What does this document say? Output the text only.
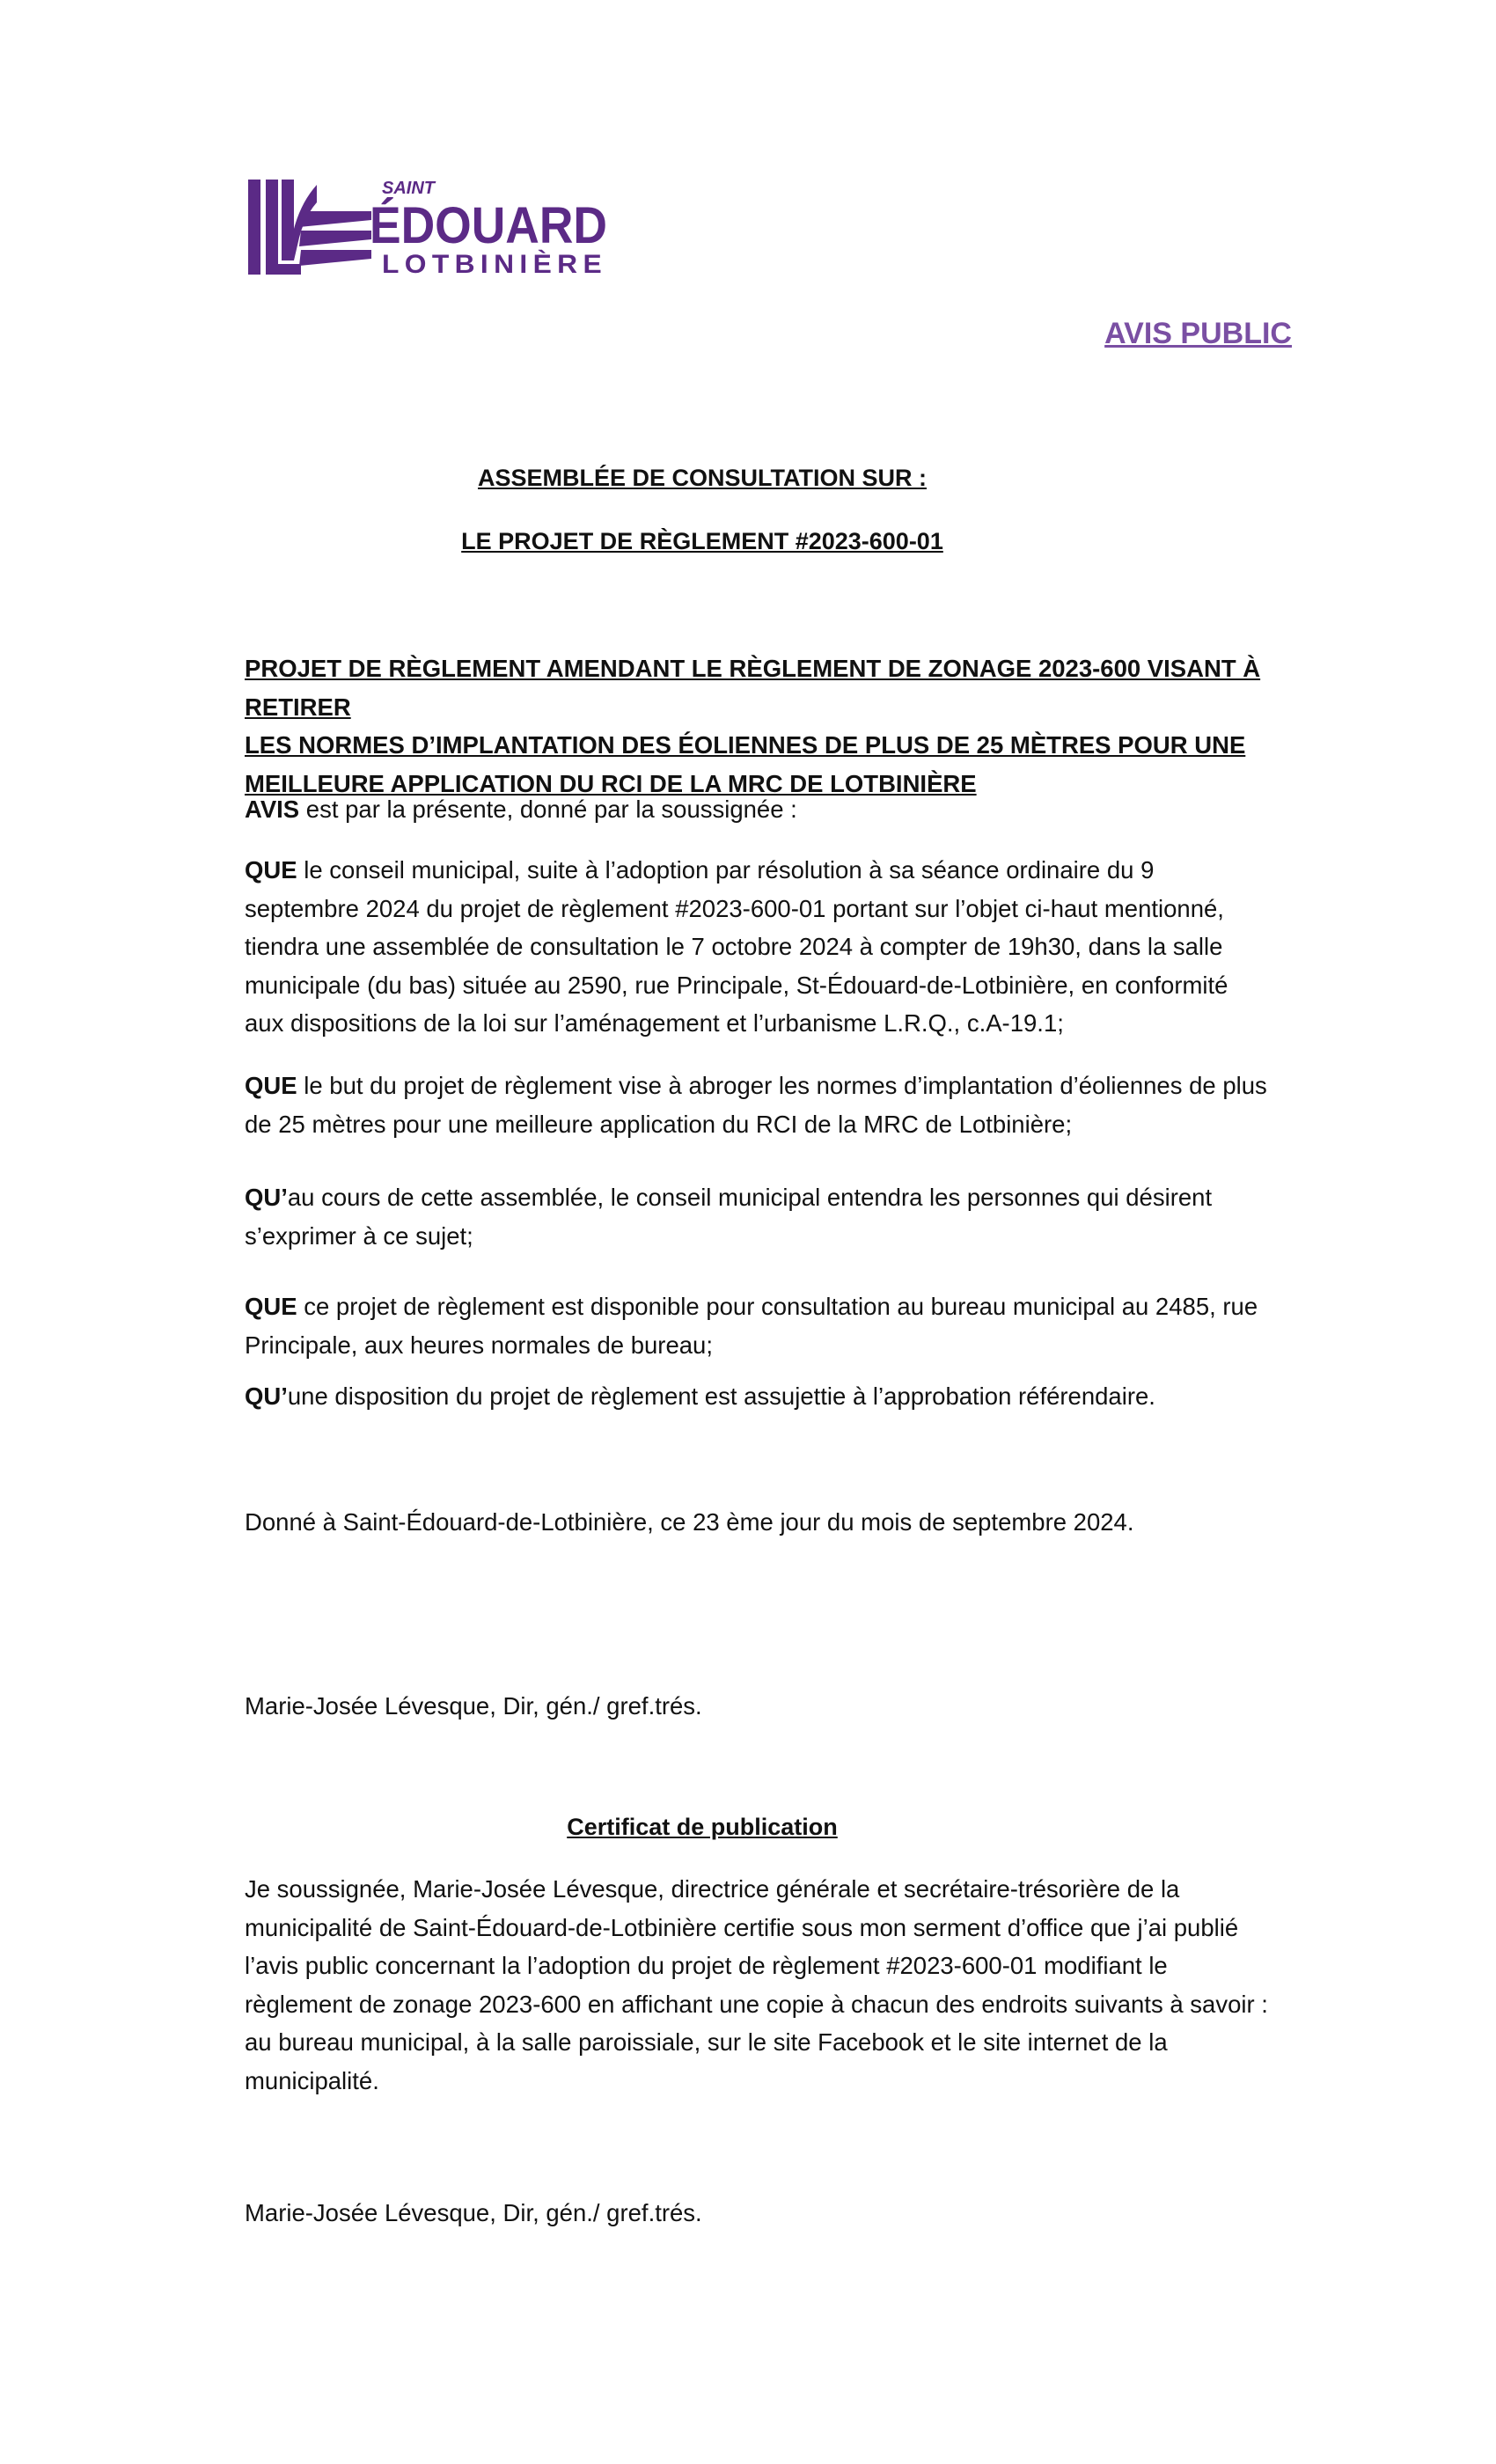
SAINT
ÉDOUARD
LOTBINIÈRE
AVIS PUBLIC
ASSEMBLÉE DE CONSULTATION SUR :
LE PROJET DE RÈGLEMENT #2023-600-01
PROJET DE RÈGLEMENT AMENDANT LE RÈGLEMENT DE ZONAGE 2023-600 VISANT À RETIRER
LES NORMES D’IMPLANTATION DES ÉOLIENNES DE PLUS DE 25 MÈTRES POUR UNE
MEILLEURE APPLICATION DU RCI DE LA MRC DE LOTBINIÈRE
AVIS est par la présente, donné par la soussignée :
QUE le conseil municipal, suite à l’adoption par résolution à sa séance ordinaire du 9
septembre 2024 du projet de règlement #2023-600-01 portant sur l’objet ci-haut mentionné,
tiendra une assemblée de consultation le 7 octobre 2024 à compter de 19h30, dans la salle
municipale (du bas) située au 2590, rue Principale, St-Édouard-de-Lotbinière, en conformité
aux dispositions de la loi sur l’aménagement et l’urbanisme L.R.Q., c.A-19.1;
QUE le but du projet de règlement vise à abroger les normes d’implantation d’éoliennes de plus
de 25 mètres pour une meilleure application du RCI de la MRC de Lotbinière;
QU’au cours de cette assemblée, le conseil municipal entendra les personnes qui désirent
s’exprimer à ce sujet;
QUE ce projet de règlement est disponible pour consultation au bureau municipal au 2485, rue
Principale, aux heures normales de bureau;
QU’une disposition du projet de règlement est assujettie à l’approbation référendaire.
Donné à Saint-Édouard-de-Lotbinière, ce 23 ème jour du mois de septembre 2024.
Marie-Josée Lévesque, Dir, gén./ gref.trés.
Certificat de publication
Je soussignée, Marie-Josée Lévesque, directrice générale et secrétaire-trésorière de la
municipalité de Saint-Édouard-de-Lotbinière certifie sous mon serment d’office que j’ai publié
l’avis public concernant la l’adoption du projet de règlement #2023-600-01 modifiant le
règlement de zonage 2023-600 en affichant une copie à chacun des endroits suivants à savoir :
au bureau municipal, à la salle paroissiale, sur le site Facebook et le site internet de la
municipalité.
Marie-Josée Lévesque, Dir, gén./ gref.trés.
